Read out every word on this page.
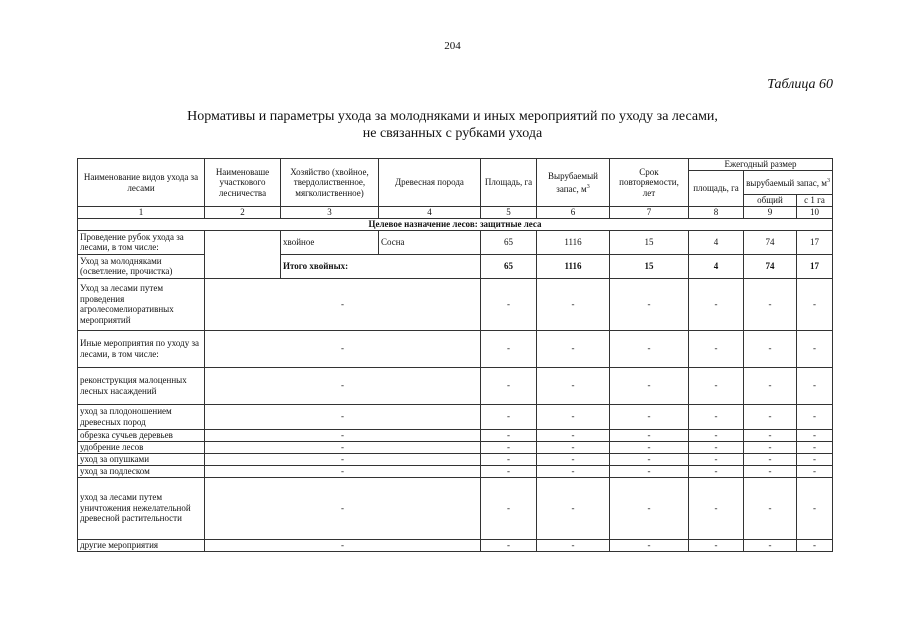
204
Таблица 60
Нормативы и параметры ухода за молодняками и иных мероприятий по уходу за лесами,
не связанных с рубками ухода
Наименование видов ухода за лесами	Наименоваше участкового лесничества	Хозяйство (хвойное, твердолиственное, мягколиственное)	Древесная порода	Площадь, га	Вырубаемый запас, $м^3$	Срок повторяемости, лет	Ежегодный размер		
							площадь, га	вырубаемый запас, $м^3$

								общий	с 1 га
1	2	3	4	5	6	7	8	9	10
Целевое назначение лесов: защитные леса									
Проведение рубок ухода за лесами, в том числе:		хвойное	Сосна	65	1116	15	4	74	17
Уход за молодняками (осветление, прочистка)		Итого хвойных:		65	1116	15	4	74	17
Уход за лесами путем проведения агролесомелиоративных мероприятий	-			-	-	-	-	-	-
Иные мероприятия по уходу за лесами, в том числе:	-			-	-	-	-	-	-
реконструкция малоценных лесных насаждений	-			-	-	-	-	-	-
уход за плодоношением древесных пород	-			-	-	-	-	-	-
обрезка сучьев деревьев	-			-	-	-	-	-	-
удобрение лесов	-			-	-	-	-	-	-
уход за опушками	-			-	-	-	-	-	-
уход за подлеском	-			-	-	-	-	-	-
уход за лесами путем уничтожения нежелательной древесной растительности	-			-	-	-	-	-	-
другие мероприятия	-			-	-	-	-	-	-
